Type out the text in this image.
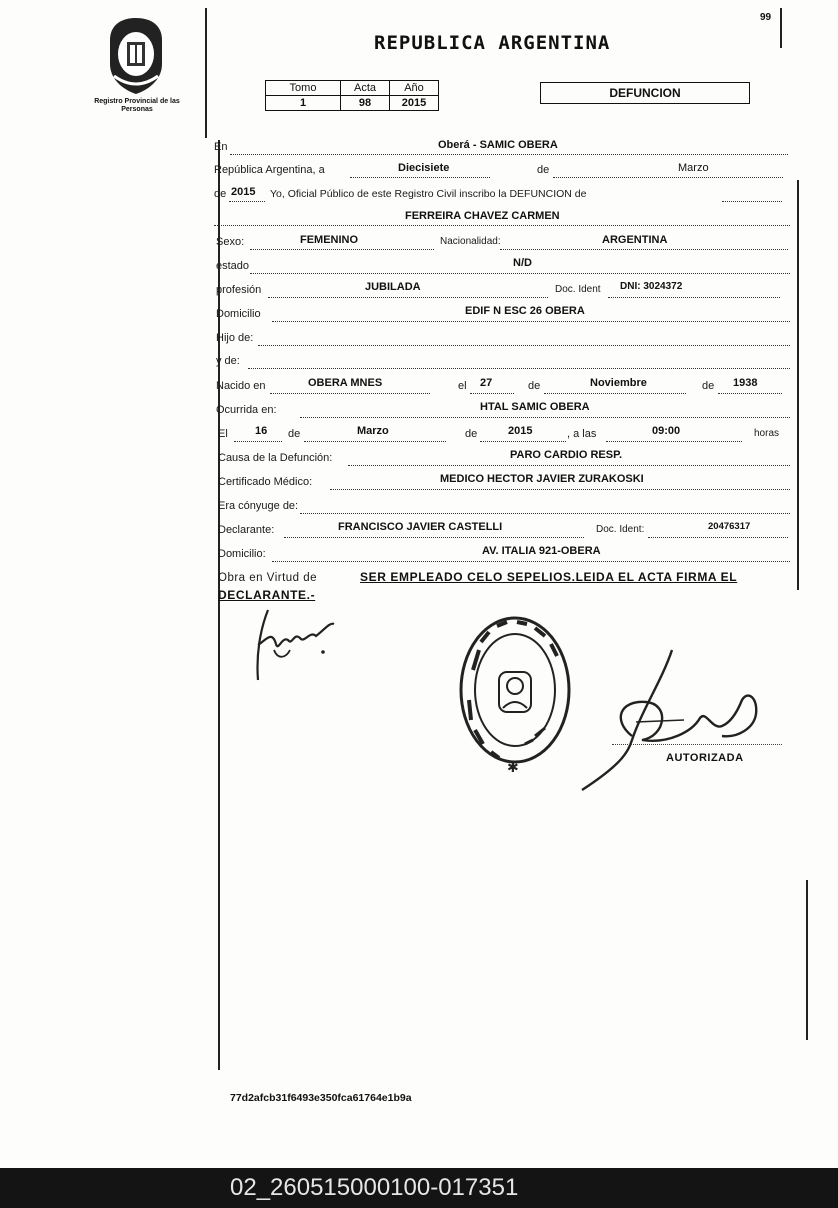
Registro Provincial de las Personas
99
REPUBLICA ARGENTINA
Tomo	Acta	Año
1	98	2015
DEFUNCION
En	Oberá - SAMIC OBERA
República Argentina, a	Diecisiete	de	Marzo
de 2015 Yo, Oficial Público de este Registro Civil inscribo la DEFUNCION de
FERREIRA CHAVEZ CARMEN
Sexo:	FEMENINO	Nacionalidad:	ARGENTINA
estado	N/D
profesión	JUBILADA	Doc. Ident DNI: 3024372
Domicilio	EDIF N ESC 26 OBERA
Hijo de:
y de:
Nacido en	OBERA MNES	el 27	de	Noviembre	de 1938
Ocurrida en:	HTAL SAMIC OBERA
El 16 de	Marzo	de	2015	, a las	09:00	horas
Causa de la Defunción:	PARO CARDIO RESP.
Certificado Médico:	MEDICO HECTOR JAVIER ZURAKOSKI
Era cónyuge de:
Declarante:	FRANCISCO JAVIER CASTELLI	Doc. Ident:	20476317
Domicilio:	AV. ITALIA 921-OBERA
Obra en Virtud de	SER EMPLEADO CELO SEPELIOS.LEIDA EL ACTA FIRMA EL
DECLARANTE.-
✱
AUTORIZADA
77d2afcb31f6493e350fca61764e1b9a
02_260515000100-017351
